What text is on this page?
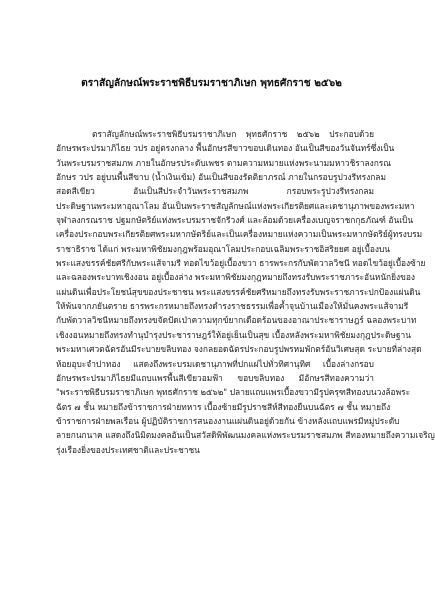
ตราสัญลักษณ์พระราชพิธีบรมราชาภิเษก พุทธศักราช ๒๕๖๒
ตราสัญลักษณ์พระราชพิธีบรมราชาภิเษก พุทธศักราช ๒๕๖๒ ประกอบด้วย
อักษรพระปรมาภิไธย วปร อยู่ตรงกลาง พื้นอักษรสีขาวขอบเดินทอง อันเป็นสีของวันจันทร์ซึ่งเป็น
วันพระบรมราชสมภพ ภายในอักษรประดับเพชร ตามความหมายแห่งพระนามมหาวชิราลงกรณ
อักษร วปร อยู่บนพื้นสีขาบ (น้ำเงินเข้ม) อันเป็นสีของรัตติยาภรณ์ ภายในกรอบรูปวงรีทรงกลม
สอดสีเขียว อันเป็นสีประจำวันพระราชสมภพ กรอบพระรูปวงรีทรงกลม
ประดิษฐานพระมหาอุณาโลม อันเป็นพระราชสัญลักษณ์แห่งพระเกียรติยศและเดชานุภาพของพระมหา
จุฬาลงกรณราช ปฐมกษัตริย์แห่งพระบรมราชจักรีวงศ์ และล้อมด้วยเครื่องเบญจราชกกุธภัณฑ์ อันเป็น
เครื่องประกอบพระเกียรติยศพระมหากษัตริย์และเป็นเครื่องหมายแห่งความเป็นพระมหากษัตริย์ผู้ทรงบรม
ราชาธิราช ได้แก่ พระมหาพิชัยมงกุฎพร้อมอุณาโลมประกอบเฉลิมพระราชอิสริยยศ อยู่เบื้องบน
พระแสงขรรค์ชัยศรีกับพระแส้จามรี ทอดไขว้อยู่เบื้องขวา ธารพระกรกับพัดวาลวิชนี ทอดไขว้อยู่เบื้องซ้าย
และฉลองพระบาทเชิงงอน อยู่เบื้องล่าง พระมหาพิชัยมงกุฎหมายถึงทรงรับพระราชภาระอันหนักยิ่งของ
แผ่นดินเพื่อประโยชน์สุขของประชาชน พระแสงขรรค์ชัยศรีหมายถึงทรงรับพระราชภาระปกป้องแผ่นดิน
ให้พ้นจากภยันตราย ธารพระกรหมายถึงทรงดำรงราชธรรมเพื่อค้ำจุนบ้านเมืองให้มั่นคงพระแส้จามรี
กับพัดวาลวิชนีหมายถึงทรงขจัดปัดเป่าความทุกข์ยากเดือดร้อนของอาณาประชาราษฎร์ ฉลองพระบาท
เชิงงอนหมายถึงทรงทำนุบำรุงประชาราษฎร์ให้อยู่เย็นเป็นสุข เบื้องหลังพระมหาพิชัยมงกุฎประดิษฐาน
พระมหาเศวตฉัตรอันมีระบายขลิบทอง จงกลยอดฉัตรประกอบรูปพรหมพักตร์อันวิเศษสุด ระบายที่ล่างสุด
ห้อยอุบะจำปาทอง แสดงถึงพระบรมเดชานุภาพที่ปกแผ่ไปทั่วทิศานุทิศ เบื้องล่างกรอบ
อักษรพระปรมาภิไธยมีแถบแพรพื้นสีเขียวอมฟ้า ขอบขลิบทอง มีอักษรสีทองความว่า
"พระราชพิธีบรมราชาภิเษก พุทธศักราช ๒๕๖๒" ปลายแถบแพรเบื้องขวามีรูปครุฑสีทองบนวงล้อพระ
ฉัตร ๗ ชั้น หมายถึงข้าราชการฝ่ายทหาร เบื้องซ้ายมีรูปราชสีห์สีทองยืนบนฉัตร ๗ ชั้น หมายถึง
ข้าราชการฝ่ายพลเรือน ผู้ปฏิบัติราชการสนองงานแผ่นดินอยู่ด้วยกัน ข้างหลังแถบแพรมีหมู่ประดับ
ลายกนกนาค แสดงถึงนิมิตมงคลอันเป็นสวัสดิพิพัฒนมงคลแห่งพระบรมราชสมภพ สีทองหมายถึงความเจริญ
รุ่งเรืองยิ่งของประเทศชาติและประชาชน
